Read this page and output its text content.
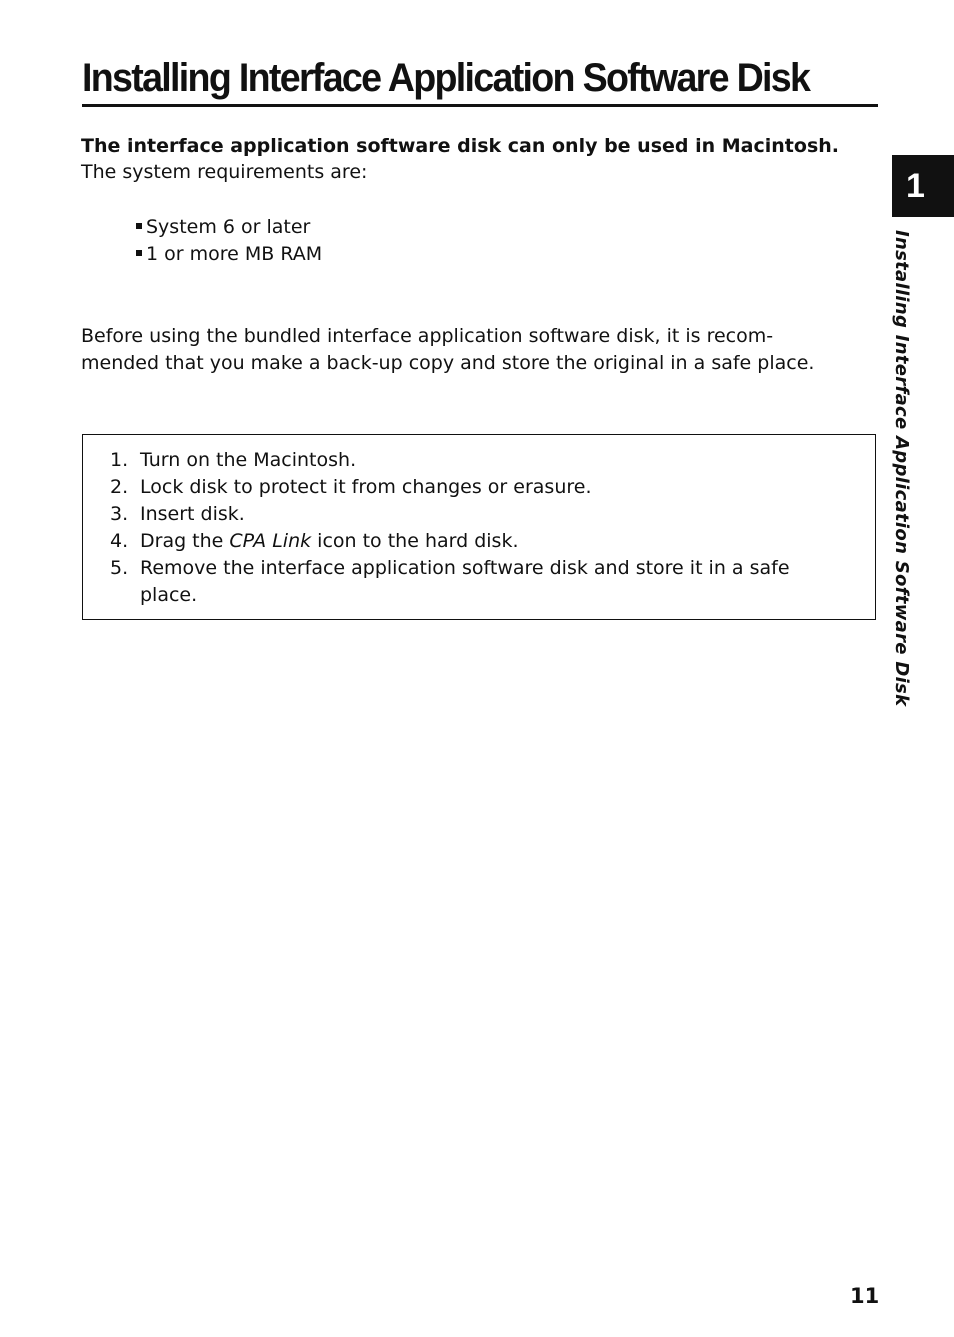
Installing Interface Application Software Disk
The interface application software disk can only be used in Macintosh.
The system requirements are:
System 6 or later
1 or more MB RAM
Before using the bundled interface application software disk, it is recom-
mended that you make a back-up copy and store the original in a safe place.
1. Turn on the Macintosh.
2. Lock disk to protect it from changes or erasure.
3. Insert disk.
4. Drag the CPA Link icon to the hard disk.
5. Remove the interface application software disk and store it in a safe
place.
1
Installing Interface Application Software Disk
11
